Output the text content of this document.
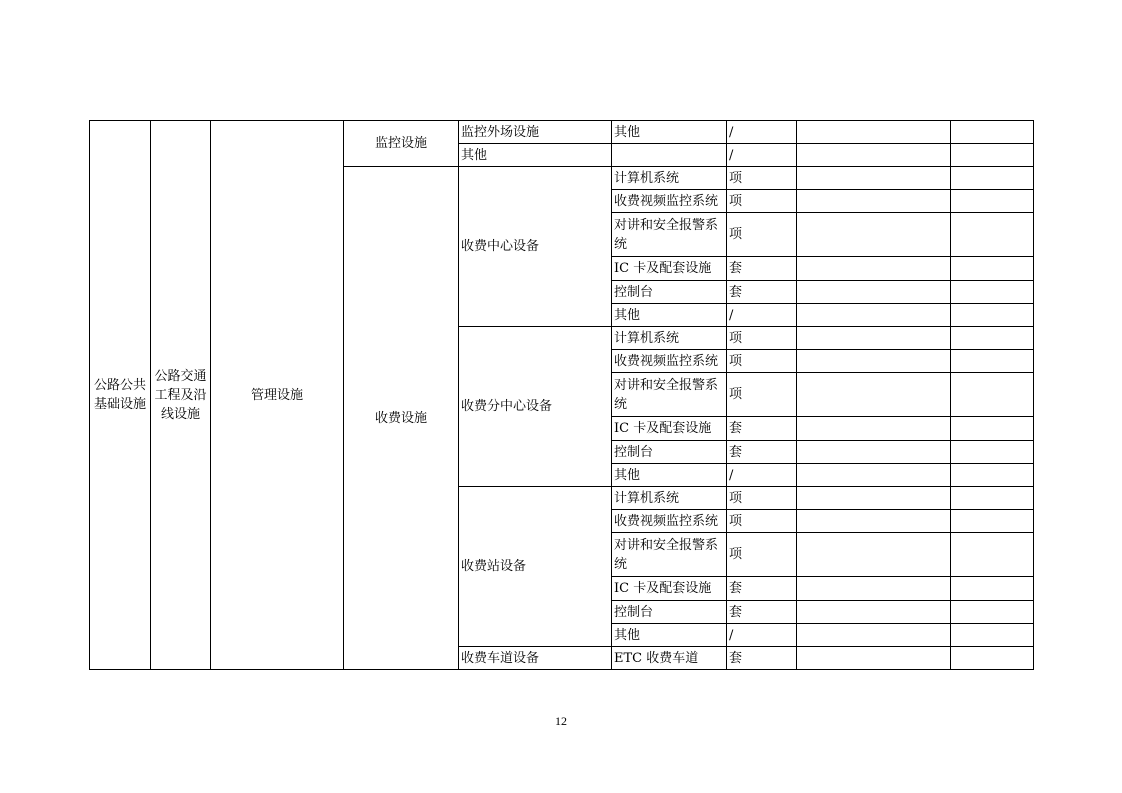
公路公共基础设施	公路交通工程及沿线设施	管理设施	监控设施	监控外场设施	其他	/		
				其他		/		
			收费设施	收费中心设备	计算机系统	项		
					收费视频监控系统	项		
					对讲和安全报警系统	项		
					IC 卡及配套设施	套		
					控制台	套		
					其他	/		
				收费分中心设备	计算机系统	项		
					收费视频监控系统	项		
					对讲和安全报警系统	项		
					IC 卡及配套设施	套		
					控制台	套		
					其他	/		
				收费站设备	计算机系统	项		
					收费视频监控系统	项		
					对讲和安全报警系统	项		
					IC 卡及配套设施	套		
					控制台	套		
					其他	/		
				收费车道设备	ETC 收费车道	套		
12
